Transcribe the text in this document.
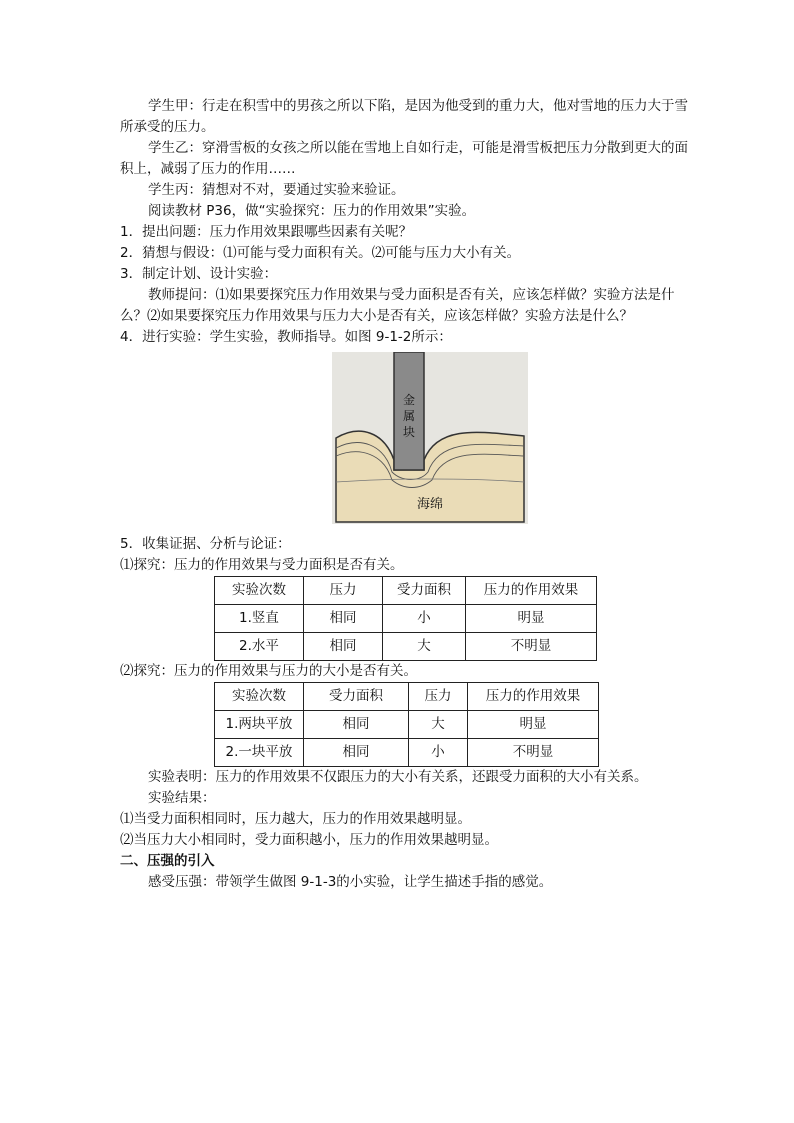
学生甲：行走在积雪中的男孩之所以下陷，是因为他受到的重力大，他对雪地的压力大于雪所承受的压力。

学生乙：穿滑雪板的女孩之所以能在雪地上自如行走，可能是滑雪板把压力分散到更大的面积上，减弱了压力的作用……

学生丙：猜想对不对，要通过实验来验证。

阅读教材 P36，做“实验探究：压力的作用效果”实验。

1．提出问题：压力作用效果跟哪些因素有关呢？

2．猜想与假设：⑴可能与受力面积有关。⑵可能与压力大小有关。

3．制定计划、设计实验：

教师提问：⑴如果要探究压力作用效果与受力面积是否有关，应该怎样做？实验方法是什么？⑵如果要探究压力作用效果与压力大小是否有关，应该怎样做？实验方法是什么？

4．进行实验：学生实验，教师指导。如图 9-1-2所示：

金
属
块
海绵

5．收集证据、分析与论证：

⑴探究：压力的作用效果与受力面积是否有关。

实验次数	压力	受力面积	压力的作用效果
1.竖直	相同	小	明显
2.水平	相同	大	不明显

⑵探究：压力的作用效果与压力的大小是否有关。

实验次数	受力面积	压力	压力的作用效果
1.两块平放	相同	大	明显
2.一块平放	相同	小	不明显

实验表明：压力的作用效果不仅跟压力的大小有关系，还跟受力面积的大小有关系。

实验结果：

⑴当受力面积相同时，压力越大，压力的作用效果越明显。

⑵当压力大小相同时，受力面积越小，压力的作用效果越明显。

二、压强的引入

感受压强：带领学生做图 9-1-3的小实验，让学生描述手指的感觉。
